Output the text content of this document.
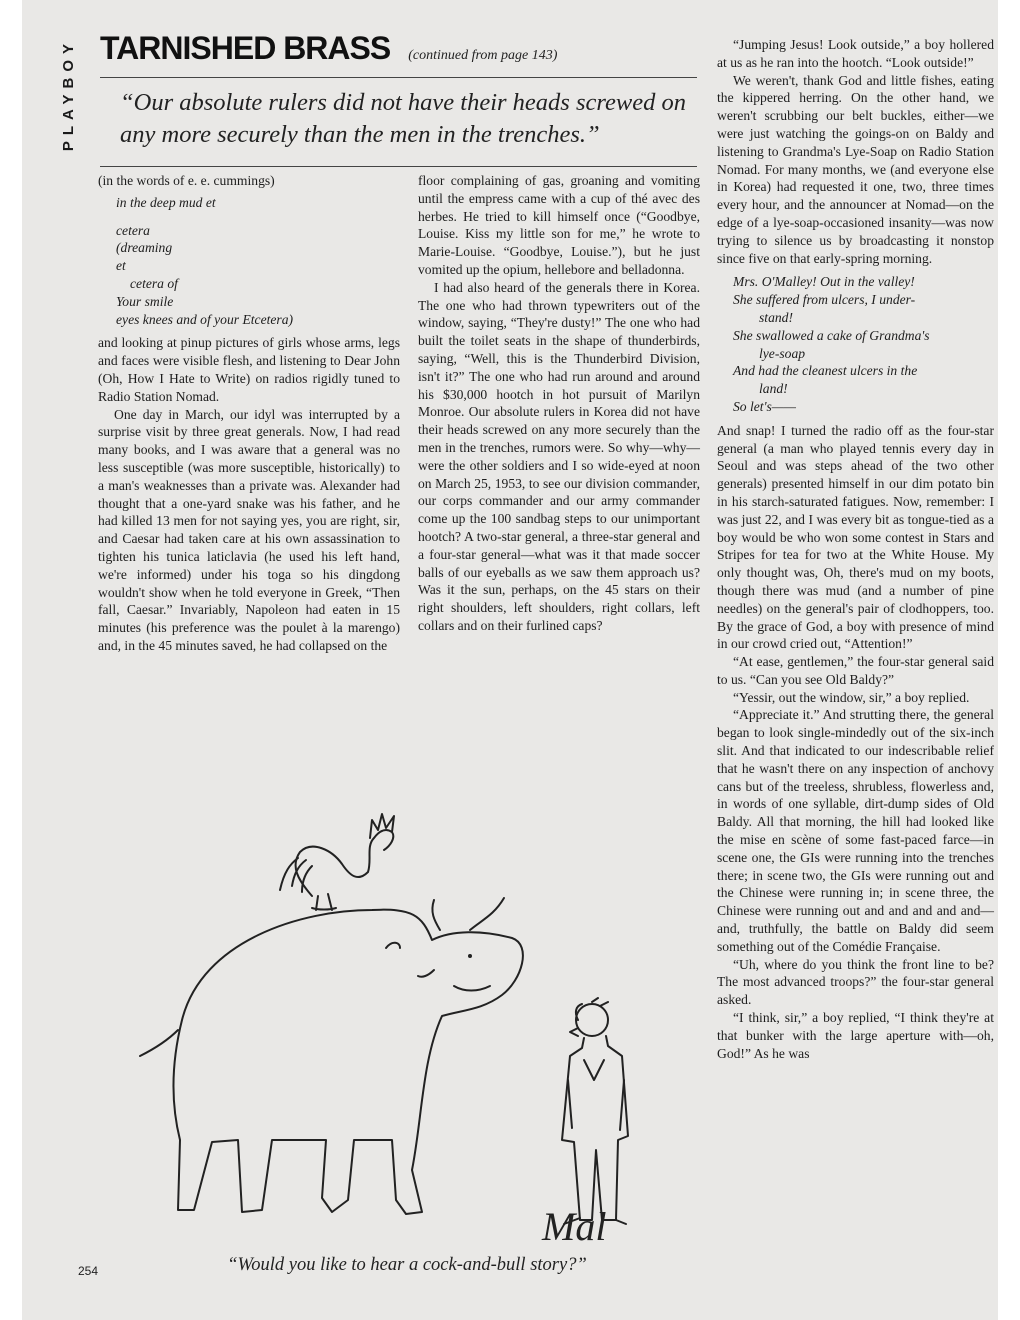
PLAYBOY TARNISHED BRASS (continued from page 143)
“Our absolute rulers did not have their heads screwed on any more securely than the men in the trenches.”

(in the words of e. e. cummings)

in the deep mud et
cetera
(dreaming
et
cetera of
Your smile
eyes knees and of your Etcetera)

and looking at pinup pictures of girls whose arms, legs and faces were visible flesh, and listening to Dear John (Oh, How I Hate to Write) on radios rigidly tuned to Radio Station Nomad.

One day in March, our idyl was interrupted by a surprise visit by three great generals. Now, I had read many books, and I was aware that a general was no less susceptible (was more susceptible, historically) to a man's weaknesses than a private was. Alexander had thought that a one-yard snake was his father, and he had killed 13 men for not saying yes, you are right, sir, and Caesar had taken care at his own assassination to tighten his tunica laticlavia (he used his left hand, we're informed) under his toga so his dingdong wouldn't show when he told everyone in Greek, “Then fall, Caesar.” Invariably, Napoleon had eaten in 15 minutes (his preference was the poulet à la marengo) and, in the 45 minutes saved, he had collapsed on the

floor complaining of gas, groaning and vomiting until the empress came with a cup of thé avec des herbes. He tried to kill himself once (“Goodbye, Louise. Kiss my little son for me,” he wrote to Marie-Louise. “Goodbye, Louise.”), but he just vomited up the opium, hellebore and belladonna.

I had also heard of the generals there in Korea. The one who had thrown typewriters out of the window, saying, “They're dusty!” The one who had built the toilet seats in the shape of thunderbirds, saying, “Well, this is the Thunderbird Division, isn't it?” The one who had run around and around his $30,000 hootch in hot pursuit of Marilyn Monroe. Our absolute rulers in Korea did not have their heads screwed on any more securely than the men in the trenches, rumors were. So why—why—were the other soldiers and I so wide-eyed at noon on March 25, 1953, to see our division commander, our corps commander and our army commander come up the 100 sandbag steps to our unimportant hootch? A two-star general, a three-star general and a four-star general—what was it that made soccer balls of our eyeballs as we saw them approach us? Was it the sun, perhaps, on the 45 stars on their right shoulders, left shoulders, right collars, left collars and on their furlined caps?

“Jumping Jesus! Look outside,” a boy hollered at us as he ran into the hootch. “Look outside!”

We weren't, thank God and little fishes, eating the kippered herring. On the other hand, we weren't scrubbing our belt buckles, either—we were just watching the goings-on on Baldy and listening to Grandma's Lye-Soap on Radio Station Nomad. For many months, we (and everyone else in Korea) had requested it one, two, three times every hour, and the announcer at Nomad—on the edge of a lye-soap-occasioned insanity—was now trying to silence us by broadcasting it nonstop since five on that early-spring morning.

Mrs. O'Malley! Out in the valley!
She suffered from ulcers, I under-
stand!
She swallowed a cake of Grandma's
lye-soap
And had the cleanest ulcers in the
land!
So let's——

And snap! I turned the radio off as the four-star general (a man who played tennis every day in Seoul and was steps ahead of the two other generals) presented himself in our dim potato bin in his starch-saturated fatigues. Now, remember: I was just 22, and I was every bit as tongue-tied as a boy would be who won some contest in Stars and Stripes for tea for two at the White House. My only thought was, Oh, there's mud on my boots, though there was mud (and a number of pine needles) on the general's pair of clodhoppers, too. By the grace of God, a boy with presence of mind in our crowd cried out, “Attention!”

“At ease, gentlemen,” the four-star general said to us. “Can you see Old Baldy?”

“Yessir, out the window, sir,” a boy replied.

“Appreciate it.” And strutting there, the general began to look single-mindedly out of the six-inch slit. And that indicated to our indescribable relief that he wasn't there on any inspection of anchovy cans but of the treeless, shrubless, flowerless and, in words of one syllable, dirt-dump sides of Old Baldy. All that morning, the hill had looked like the mise en scène of some fast-paced farce—in scene one, the GIs were running into the trenches there; in scene two, the GIs were running out and the Chinese were running in; in scene three, the Chinese were running out and and and and and—and, truthfully, the battle on Baldy did seem something out of the Comédie Française.

“Uh, where do you think the front line to be? The most advanced troops?” the four-star general asked.

“I think, sir,” a boy replied, “I think they're at that bunker with the large aperture with—oh, God!” As he was

Mal
“Would you like to hear a cock-and-bull story?”
254
